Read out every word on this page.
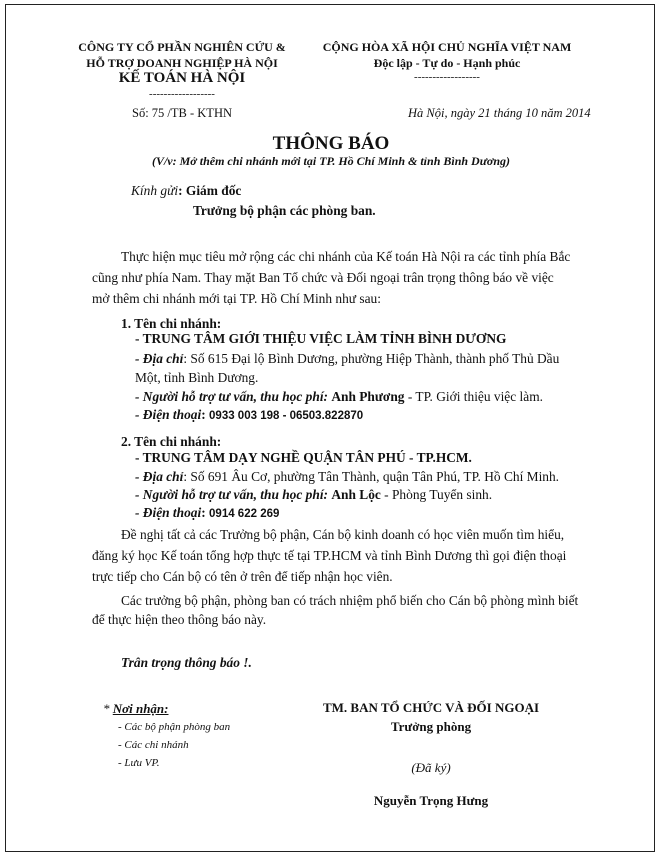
CÔNG TY CỔ PHẦN NGHIÊN CỨU &
HỖ TRỢ DOANH NGHIỆP HÀ NỘI
KẾ TOÁN HÀ NỘI
------------------
Số: 75 /TB - KTHN
CỘNG HÒA XÃ HỘI CHỦ NGHĨA VIỆT NAM
Độc lập - Tự do - Hạnh phúc
------------------
Hà Nội, ngày 21 tháng 10 năm 2014
THÔNG BÁO
(V/v: Mở thêm chi nhánh mới tại TP. Hồ Chí Minh & tỉnh Bình Dương)
Kính gửi: Giám đốc
Trưởng bộ phận các phòng ban.
Thực hiện mục tiêu mở rộng các chi nhánh của Kế toán Hà Nội ra các tỉnh phía Bắc
cũng như phía Nam. Thay mặt Ban Tổ chức và Đối ngoại trân trọng thông báo về việc
mở thêm chi nhánh mới tại TP. Hồ Chí Minh như sau:
1. Tên chi nhánh:
- TRUNG TÂM GIỚI THIỆU VIỆC LÀM TỈNH BÌNH DƯƠNG
- Địa chỉ: Số 615 Đại lộ Bình Dương, phường Hiệp Thành, thành phố Thủ Dầu
Một, tỉnh Bình Dương.
- Người hỗ trợ tư vấn, thu học phí: Anh Phương - TP. Giới thiệu việc làm.
- Điện thoại: 0933 003 198 - 06503.822870
2. Tên chi nhánh:
- TRUNG TÂM DẠY NGHỀ QUẬN TÂN PHÚ - TP.HCM.
- Địa chỉ: Số 691 Âu Cơ, phường Tân Thành, quận Tân Phú, TP. Hồ Chí Minh.
- Người hỗ trợ tư vấn, thu học phí: Anh Lộc - Phòng Tuyển sinh.
- Điện thoại: 0914 622 269
Đề nghị tất cả các Trưởng bộ phận, Cán bộ kinh doanh có học viên muốn tìm hiểu,
đăng ký học Kế toán tổng hợp thực tế tại TP.HCM và tỉnh Bình Dương thì gọi điện thoại
trực tiếp cho Cán bộ có tên ở trên để tiếp nhận học viên.
Các trưởng bộ phận, phòng ban có trách nhiệm phổ biến cho Cán bộ phòng mình biết
để thực hiện theo thông báo này.
Trân trọng thông báo !.
* Nơi nhận:
- Các bộ phận phòng ban
- Các chi nhánh
- Lưu VP.
TM. BAN TỔ CHỨC VÀ ĐỐI NGOẠI
Trưởng phòng
(Đã ký)
Nguyễn Trọng Hưng
